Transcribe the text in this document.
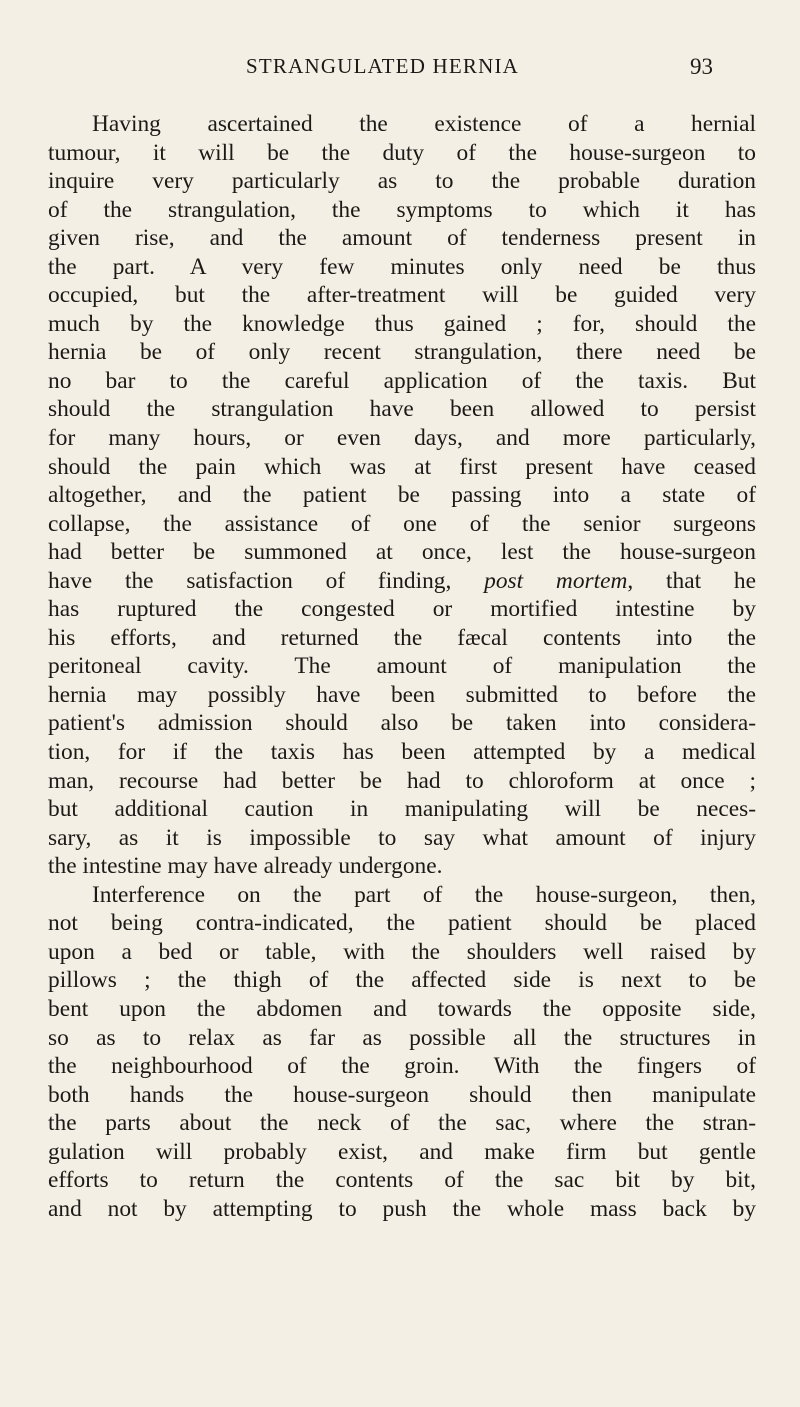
STRANGULATED HERNIA	93
Having ascertained the existence of a hernial
tumour, it will be the duty of the house-surgeon to
inquire very particularly as to the probable duration
of the strangulation, the symptoms to which it has
given rise, and the amount of tenderness present in
the part. A very few minutes only need be thus
occupied, but the after-treatment will be guided very
much by the knowledge thus gained ; for, should the
hernia be of only recent strangulation, there need be
no bar to the careful application of the taxis. But
should the strangulation have been allowed to persist
for many hours, or even days, and more particularly,
should the pain which was at first present have ceased
altogether, and the patient be passing into a state of
collapse, the assistance of one of the senior surgeons
had better be summoned at once, lest the house-surgeon
have the satisfaction of finding, post mortem, that he
has ruptured the congested or mortified intestine by
his efforts, and returned the fæcal contents into the
peritoneal cavity. The amount of manipulation the
hernia may possibly have been submitted to before the
patient's admission should also be taken into considera-
tion, for if the taxis has been attempted by a medical
man, recourse had better be had to chloroform at once ;
but additional caution in manipulating will be neces-
sary, as it is impossible to say what amount of injury
the intestine may have already undergone.
Interference on the part of the house-surgeon, then,
not being contra-indicated, the patient should be placed
upon a bed or table, with the shoulders well raised by
pillows ; the thigh of the affected side is next to be
bent upon the abdomen and towards the opposite side,
so as to relax as far as possible all the structures in
the neighbourhood of the groin. With the fingers of
both hands the house-surgeon should then manipulate
the parts about the neck of the sac, where the stran-
gulation will probably exist, and make firm but gentle
efforts to return the contents of the sac bit by bit,
and not by attempting to push the whole mass back by
